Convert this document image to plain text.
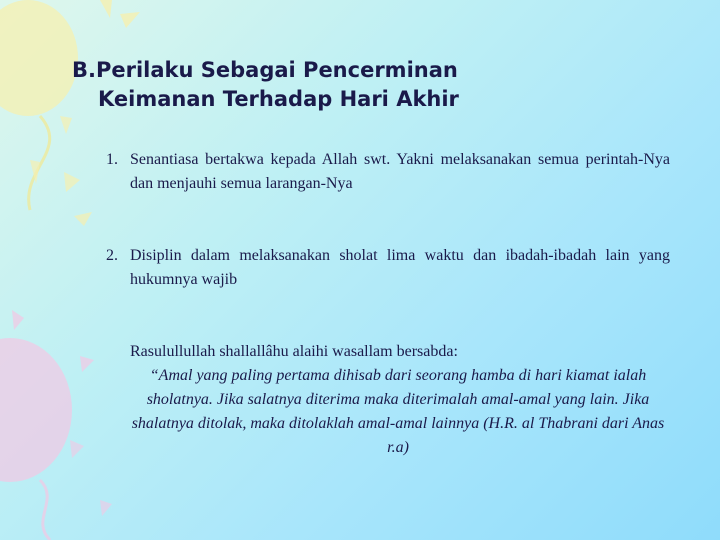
B.Perilaku Sebagai Pencerminan
Keimanan Terhadap Hari Akhir
1. Senantiasa bertakwa kepada Allah swt. Yakni melaksanakan semua perintah-Nya dan menjauhi semua larangan-Nya
2. Disiplin dalam melaksanakan sholat lima waktu dan ibadah-ibadah lain yang hukumnya wajib
Rasulullullah shallallâhu alaihi wasallam bersabda:
“Amal yang paling pertama dihisab dari seorang hamba di hari kiamat ialah sholatnya. Jika salatnya diterima maka diterimalah amal-amal yang lain. Jika shalatnya ditolak, maka ditolaklah amal-amal lainnya (H.R. al Thabrani dari Anas r.a)
